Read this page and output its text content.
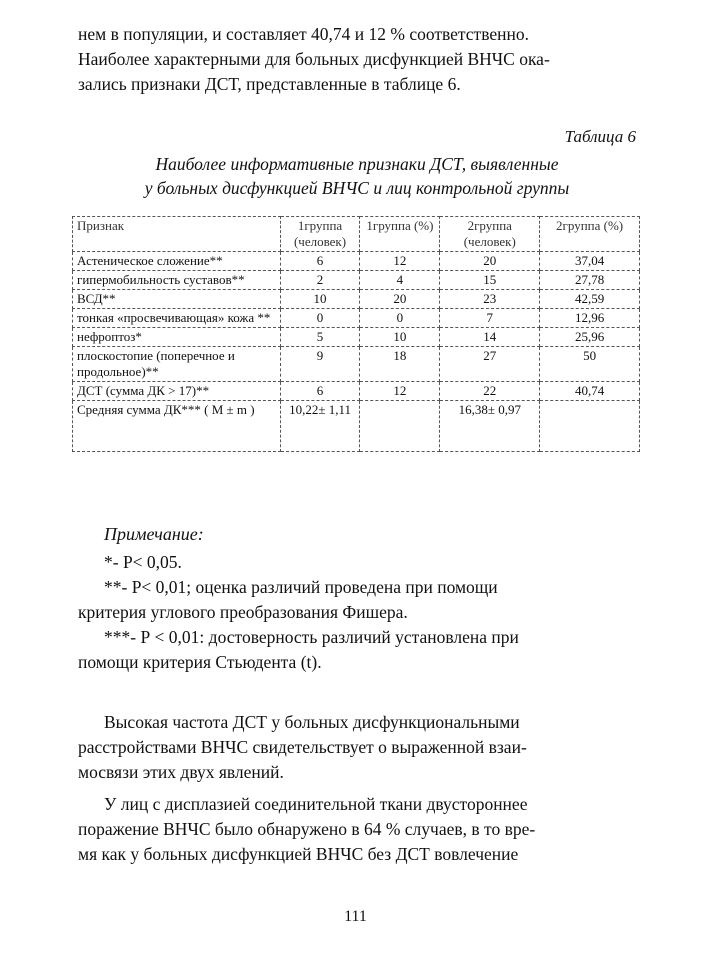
нем в популяции, и составляет 40,74 и 12 % соответственно.
Наиболее характерными для больных дисфункцией ВНЧС ока-
зались признаки ДСТ, представленные в таблице 6.
Таблица 6
Наиболее информативные признаки ДСТ, выявленные
у больных дисфункцией ВНЧС и лиц контрольной группы
Признак	1группа (человек)	1группа (%)	2группа (человек)	2группа (%)
Астеническое сложение**	6	12	20	37,04
гипермобильность суставов**	2	4	15	27,78
ВСД**	10	20	23	42,59
тонкая «просвечивающая» кожа **	0	0	7	12,96
нефроптоз*	5	10	14	25,96
плоскостопие (поперечное и продольное)**	9	18	27	50
ДСТ (сумма ДК > 17)**	6	12	22	40,74
Средняя сумма ДК*** ( M ± m )	10,22± 1,11		16,38± 0,97	
Примечание:
*- Р< 0,05.
**- Р< 0,01; оценка различий проведена при помощи
критерия углового преобразования Фишера.
***- Р < 0,01: достоверность различий установлена при
помощи критерия Стьюдента (t).
Высокая частота ДСТ у больных дисфункциональными
расстройствами ВНЧС свидетельствует о выраженной взаи-
мосвязи этих двух явлений.
У лиц с дисплазией соединительной ткани двустороннее
поражение ВНЧС было обнаружено в 64 % случаев, в то вре-
мя как у больных дисфункцией ВНЧС без ДСТ вовлечение
111
